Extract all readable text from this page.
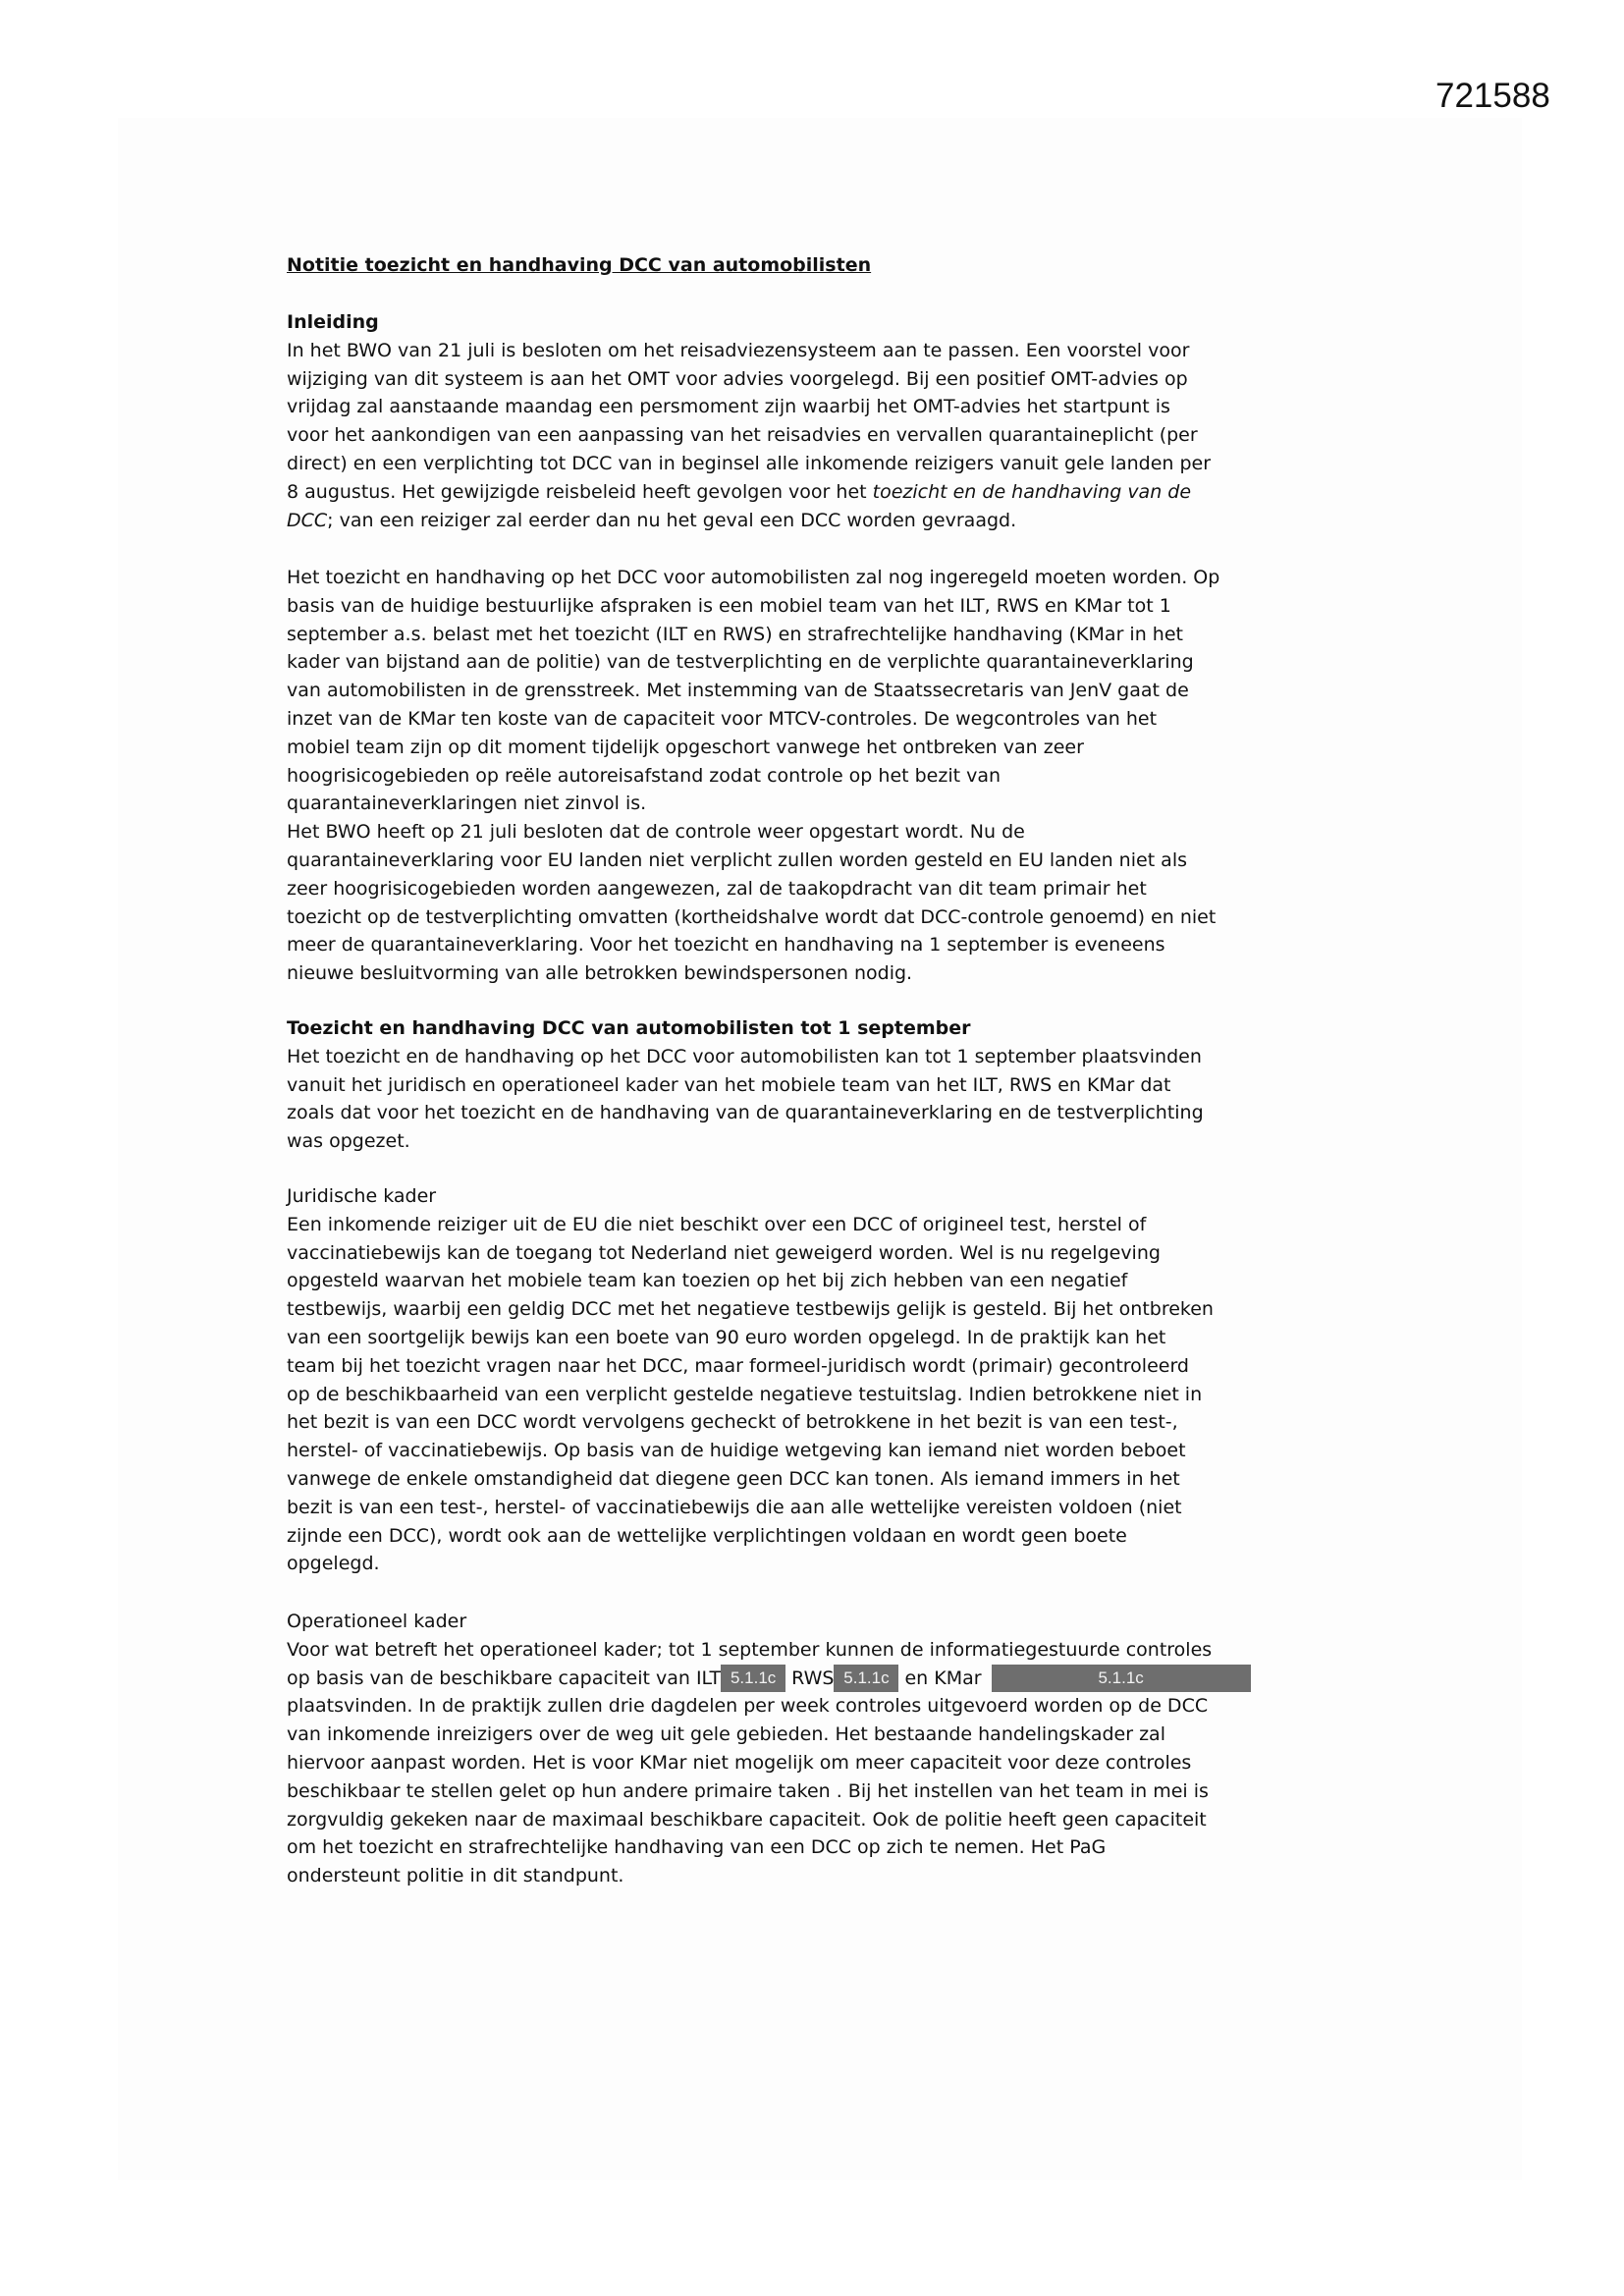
721588
Notitie toezicht en handhaving DCC van automobilisten
Inleiding
In het BWO van 21 juli is besloten om het reisadviezensysteem aan te passen. Een voorstel voor
wijziging van dit systeem is aan het OMT voor advies voorgelegd. Bij een positief OMT-advies op
vrijdag zal aanstaande maandag een persmoment zijn waarbij het OMT-advies het startpunt is
voor het aankondigen van een aanpassing van het reisadvies en vervallen quarantaineplicht (per
direct) en een verplichting tot DCC van in beginsel alle inkomende reizigers vanuit gele landen per
8 augustus. Het gewijzigde reisbeleid heeft gevolgen voor het toezicht en de handhaving van de
DCC; van een reiziger zal eerder dan nu het geval een DCC worden gevraagd.
Het toezicht en handhaving op het DCC voor automobilisten zal nog ingeregeld moeten worden. Op
basis van de huidige bestuurlijke afspraken is een mobiel team van het ILT, RWS en KMar tot 1
september a.s. belast met het toezicht (ILT en RWS) en strafrechtelijke handhaving (KMar in het
kader van bijstand aan de politie) van de testverplichting en de verplichte quarantaineverklaring
van automobilisten in de grensstreek. Met instemming van de Staatssecretaris van JenV gaat de
inzet van de KMar ten koste van de capaciteit voor MTCV-controles. De wegcontroles van het
mobiel team zijn op dit moment tijdelijk opgeschort vanwege het ontbreken van zeer
hoogrisicogebieden op reële autoreisafstand zodat controle op het bezit van
quarantaineverklaringen niet zinvol is.
Het BWO heeft op 21 juli besloten dat de controle weer opgestart wordt. Nu de
quarantaineverklaring voor EU landen niet verplicht zullen worden gesteld en EU landen niet als
zeer hoogrisicogebieden worden aangewezen, zal de taakopdracht van dit team primair het
toezicht op de testverplichting omvatten (kortheidshalve wordt dat DCC-controle genoemd) en niet
meer de quarantaineverklaring. Voor het toezicht en handhaving na 1 september is eveneens
nieuwe besluitvorming van alle betrokken bewindspersonen nodig.
Toezicht en handhaving DCC van automobilisten tot 1 september
Het toezicht en de handhaving op het DCC voor automobilisten kan tot 1 september plaatsvinden
vanuit het juridisch en operationeel kader van het mobiele team van het ILT, RWS en KMar dat
zoals dat voor het toezicht en de handhaving van de quarantaineverklaring en de testverplichting
was opgezet.
Juridische kader
Een inkomende reiziger uit de EU die niet beschikt over een DCC of origineel test, herstel of
vaccinatiebewijs kan de toegang tot Nederland niet geweigerd worden. Wel is nu regelgeving
opgesteld waarvan het mobiele team kan toezien op het bij zich hebben van een negatief
testbewijs, waarbij een geldig DCC met het negatieve testbewijs gelijk is gesteld. Bij het ontbreken
van een soortgelijk bewijs kan een boete van 90 euro worden opgelegd. In de praktijk kan het
team bij het toezicht vragen naar het DCC, maar formeel-juridisch wordt (primair) gecontroleerd
op de beschikbaarheid van een verplicht gestelde negatieve testuitslag. Indien betrokkene niet in
het bezit is van een DCC wordt vervolgens gecheckt of betrokkene in het bezit is van een test-,
herstel- of vaccinatiebewijs. Op basis van de huidige wetgeving kan iemand niet worden beboet
vanwege de enkele omstandigheid dat diegene geen DCC kan tonen. Als iemand immers in het
bezit is van een test-, herstel- of vaccinatiebewijs die aan alle wettelijke vereisten voldoen (niet
zijnde een DCC), wordt ook aan de wettelijke verplichtingen voldaan en wordt geen boete
opgelegd.
Operationeel kader
Voor wat betreft het operationeel kader; tot 1 september kunnen de informatiegestuurde controles
op basis van de beschikbare capaciteit van ILT 5.1.1c RWS 5.1.1c en KMar	5.1.1c
plaatsvinden. In de praktijk zullen drie dagdelen per week controles uitgevoerd worden op de DCC
van inkomende inreizigers over de weg uit gele gebieden. Het bestaande handelingskader zal
hiervoor aanpast worden. Het is voor KMar niet mogelijk om meer capaciteit voor deze controles
beschikbaar te stellen gelet op hun andere primaire taken . Bij het instellen van het team in mei is
zorgvuldig gekeken naar de maximaal beschikbare capaciteit. Ook de politie heeft geen capaciteit
om het toezicht en strafrechtelijke handhaving van een DCC op zich te nemen. Het PaG
ondersteunt politie in dit standpunt.
